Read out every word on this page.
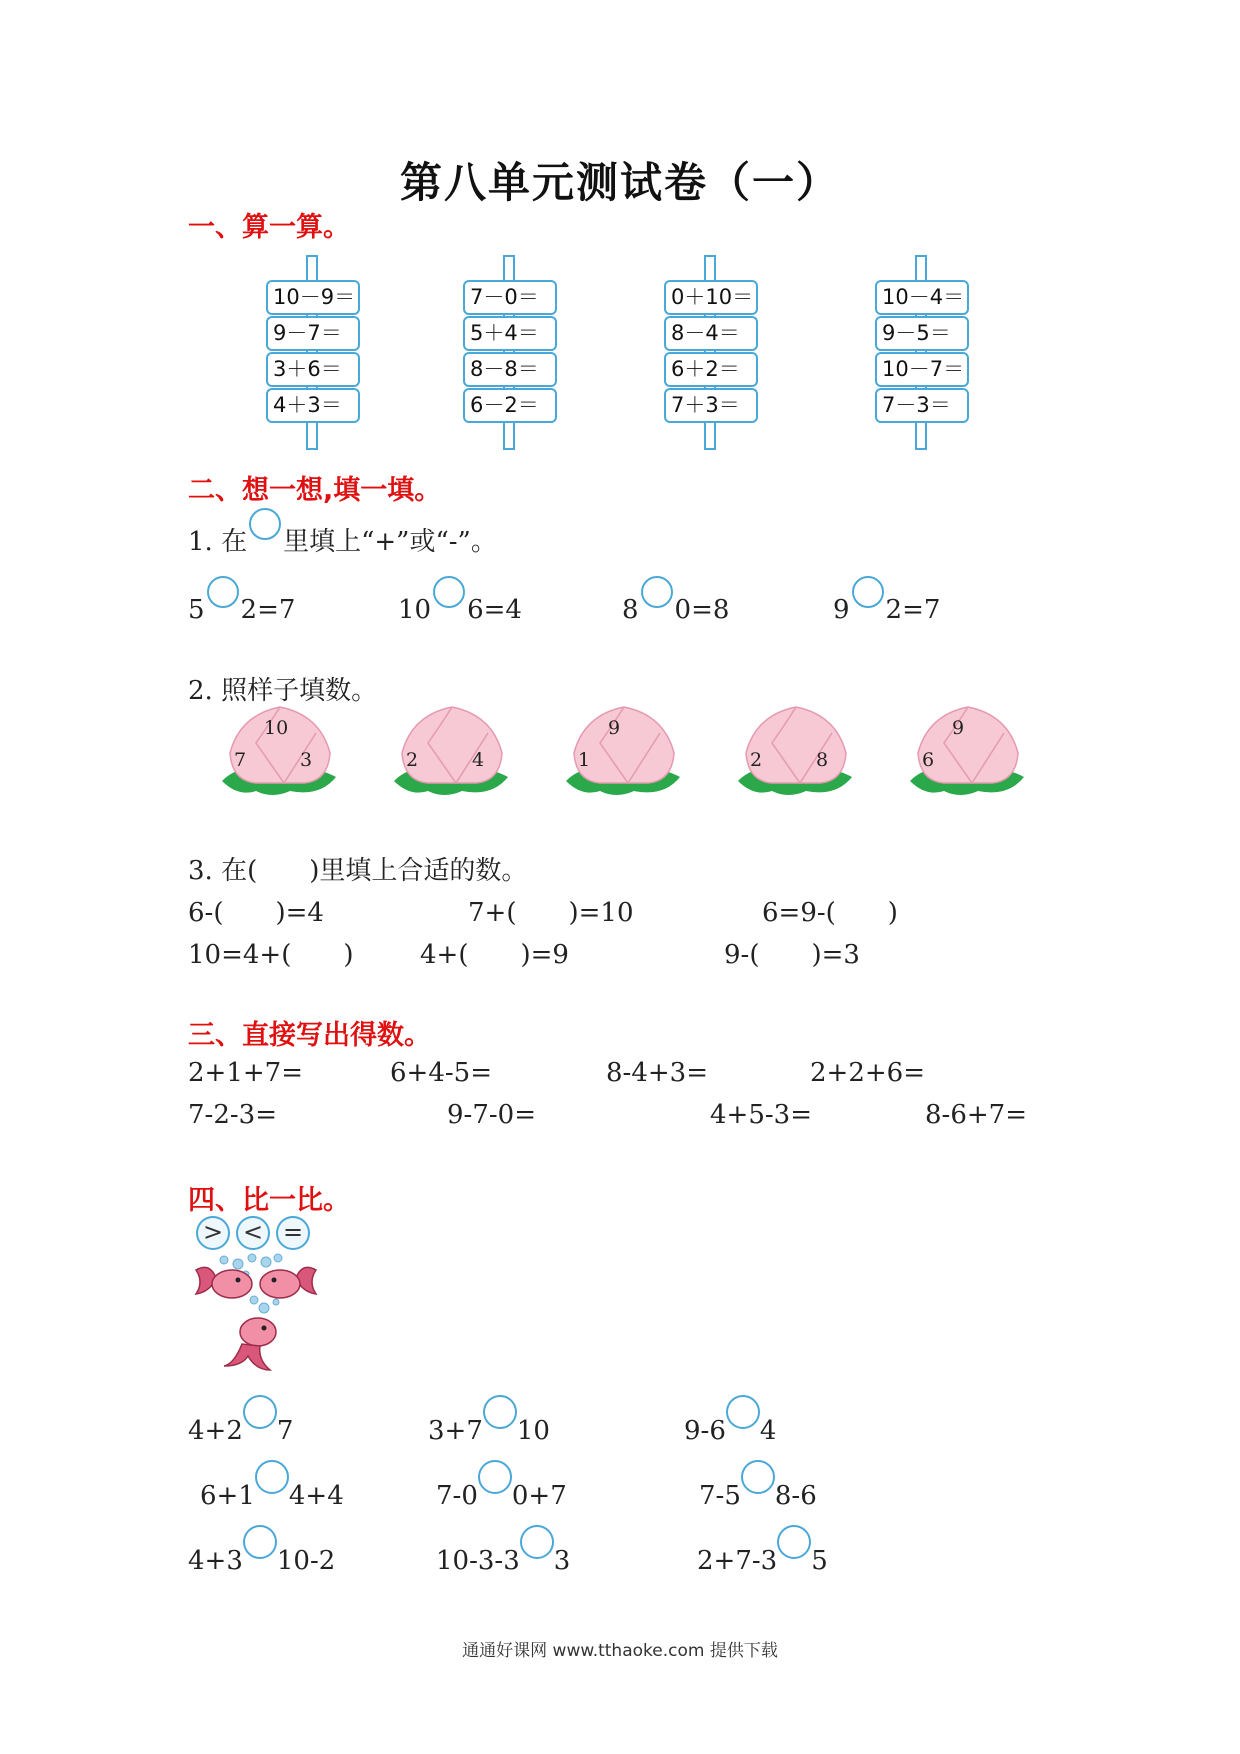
第八单元测试卷（一）
一、算一算。
10－9＝
9－7＝
3＋6＝
4＋3＝
7－0＝
5＋4＝
8－8＝
6－2＝
0＋10＝
8－4＝
6＋2＝
7＋3＝
10－4＝
9－5＝
10－7＝
7－3＝
二、想一想,填一填。
1. 在 里填上“+”或“-”。
5 2=7	10 6=4	8 0=8	9 2=7
2. 照样子填数。
10
7	3	2	4
9
1	2	8
9
6
3. 在(　　)里填上合适的数。
6-(　　)=4	7+(　　)=10	6=9-(　　)
10=4+(　　)	4+(　　)=9	9-(　　)=3
三、直接写出得数。
2+1+7=	6+4-5=	8-4+3=	2+2+6=
7-2-3=	9-7-0=	4+5-3=	8-6+7=
四、比一比。
> < =
4+2 7	3+7 10	9-6 4
6+1 4+4	7-0 0+7	7-5 8-6
4+3 10-2	10-3-3 3	2+7-3 5
通通好课网 www.tthaoke.com 提供下载
